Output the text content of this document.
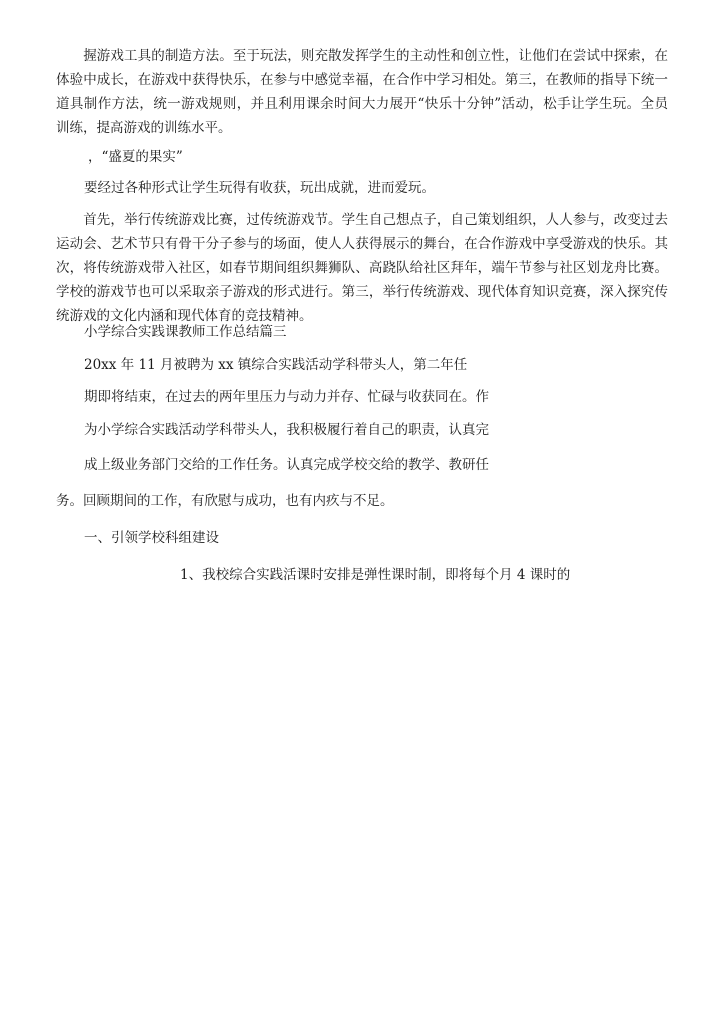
　　握游戏工具的制造方法。至于玩法，则充散发挥学生的主动性和创立性，让他们在尝试中探索，在
体验中成长，在游戏中获得快乐，在参与中感觉幸福，在合作中学习相处。第三，在教师的指导下统一
道具制作方法，统一游戏规则，并且利用课余时间大力展开“快乐十分钟”活动，松手让学生玩。全员
训练，提高游戏的训练水平。

，“盛夏的果实”

要经过各种形式让学生玩得有收获，玩出成就，进而爱玩。

　　首先，举行传统游戏比赛，过传统游戏节。学生自己想点子，自己策划组织，人人参与，改变过去
运动会、艺术节只有骨干分子参与的场面，使人人获得展示的舞台，在合作游戏中享受游戏的快乐。其
次，将传统游戏带入社区，如春节期间组织舞狮队、高跷队给社区拜年，端午节参与社区划龙舟比赛。
学校的游戏节也可以采取亲子游戏的形式进行。第三，举行传统游戏、现代体育知识竞赛，深入探究传
统游戏的文化内涵和现代体育的竞技精神。

小学综合实践课教师工作总结篇三

20xx 年 11 月被聘为 xx 镇综合实践活动学科带头人，第二年任

期即将结束，在过去的两年里压力与动力并存、忙碌与收获同在。作

为小学综合实践活动学科带头人，我积极履行着自己的职责，认真完

成上级业务部门交给的工作任务。认真完成学校交给的教学、教研任

务。回顾期间的工作，有欣慰与成功，也有内疚与不足。

一、引领学校科组建设

1、我校综合实践活课时安排是弹性课时制，即将每个月 4 课时的
